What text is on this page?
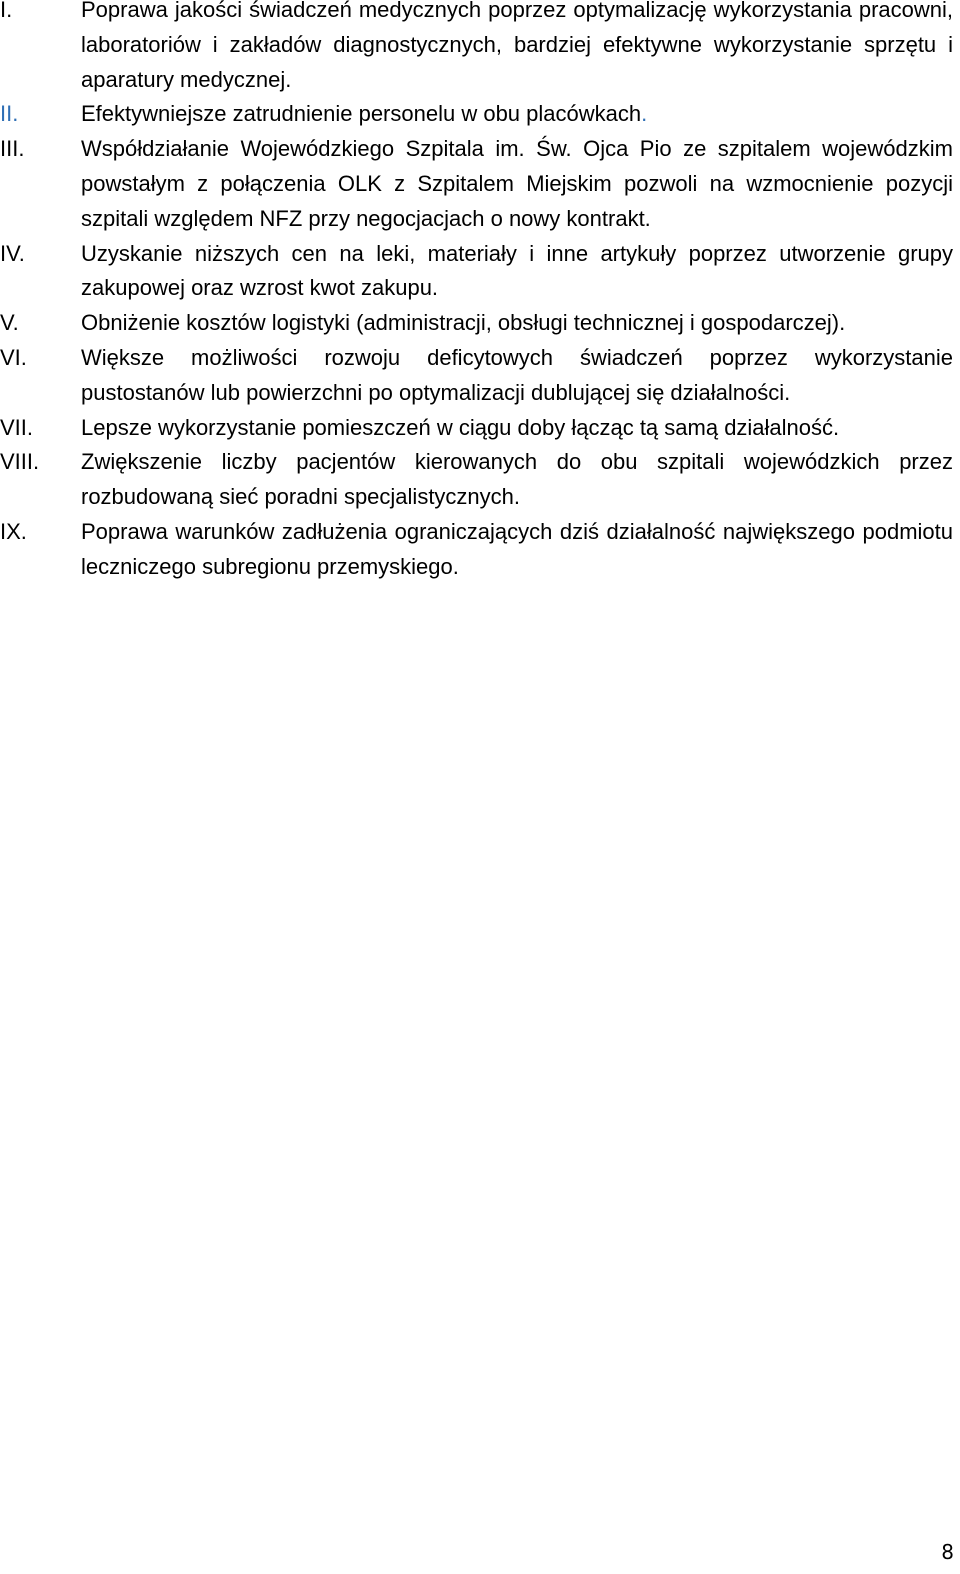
I.	Poprawa jakości świadczeń medycznych poprzez optymalizację wykorzystania pracowni, laboratoriów i zakładów diagnostycznych, bardziej efektywne wykorzystanie sprzętu i aparatury medycznej.
II.	Efektywniejsze zatrudnienie personelu w obu placówkach.
III.	Współdziałanie Wojewódzkiego Szpitala im. Św. Ojca Pio ze szpitalem wojewódzkim powstałym z połączenia OLK z Szpitalem Miejskim pozwoli na wzmocnienie pozycji szpitali względem NFZ przy negocjacjach o nowy kontrakt.
IV.	Uzyskanie niższych cen na leki, materiały i inne artykuły poprzez utworzenie grupy zakupowej oraz wzrost kwot zakupu.
V.	Obniżenie kosztów logistyki (administracji, obsługi technicznej i gospodarczej).
VI.	Większe możliwości rozwoju deficytowych świadczeń poprzez wykorzystanie pustostanów lub powierzchni po optymalizacji dublującej się działalności.
VII.	Lepsze wykorzystanie pomieszczeń w ciągu doby łącząc tą samą działalność.
VIII.	Zwiększenie liczby pacjentów kierowanych do obu szpitali wojewódzkich przez rozbudowaną sieć poradni specjalistycznych.
IX.	Poprawa warunków zadłużenia ograniczających dziś działalność największego podmiotu leczniczego subregionu przemyskiego.
8
